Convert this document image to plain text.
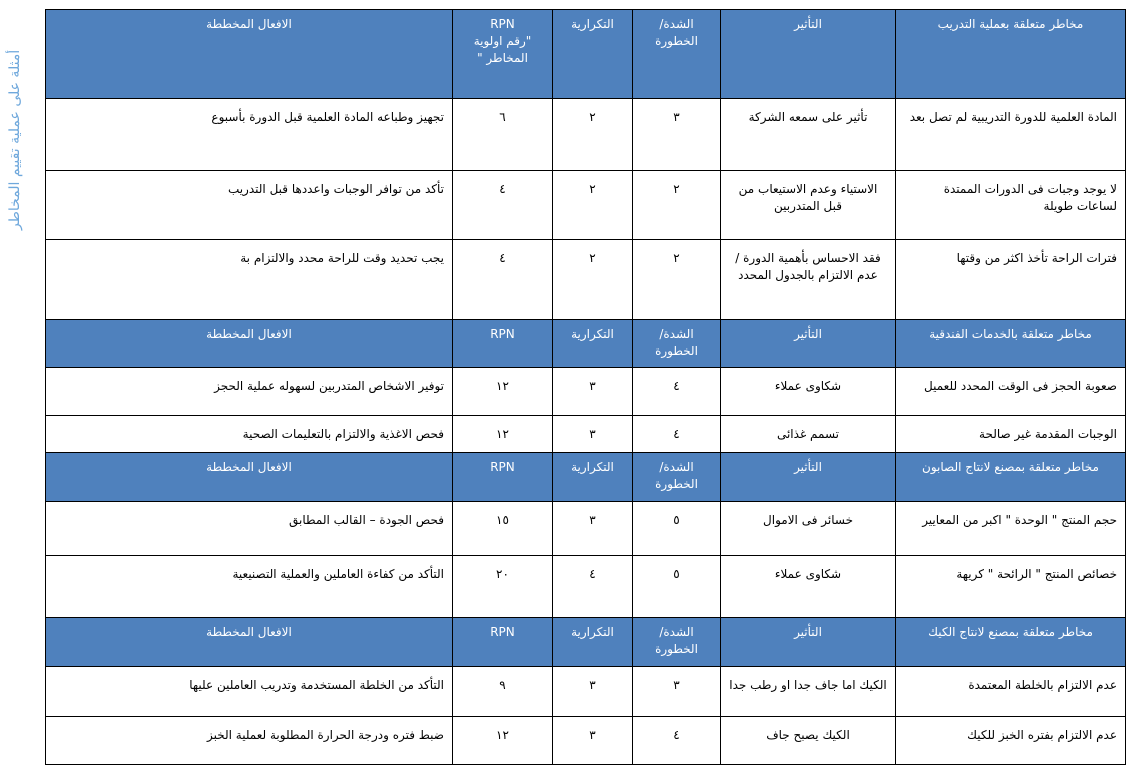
أمثلة على عملية تقييم المخاطر
مخاطر متعلقة بعملية التدريب	التأثير	الشدة/الخطورة	التكرارية	RPN
"رقم اولوية المخاطر "	الافعال المخططة
المادة العلمية للدورة التدريبية لم تصل بعد	تأثير على سمعه الشركة	٣	٢	٦	تجهيز وطباعه المادة العلمية قبل الدورة بأسبوع
لا يوجد وجبات فى الدورات الممتدة لساعات طويلة	الاستياء وعدم الاستيعاب من قبل المتدربين	٢	٢	٤	تأكد من توافر الوجبات واعددها قبل التدريب
فترات الراحة تأخذ اكثر من وقتها	فقد الاحساس بأهمية الدورة / عدم الالتزام بالجدول المحدد	٢	٢	٤	يجب تحديد وقت للراحة محدد والالتزام بة
مخاطر متعلقة بالخدمات الفندقية	التأثير	الشدة/الخطورة	التكرارية	RPN	الافعال المخططة
صعوبة الحجز فى الوقت المحدد للعميل	شكاوى عملاء	٤	٣	١٢	توفير الاشخاص المتدربين لسهوله عملية الحجز
الوجبات المقدمة غير صالحة	تسمم غذائى	٤	٣	١٢	فحص الاغذية والالتزام بالتعليمات الصحية
مخاطر متعلقة بمصنع لانتاج الصابون	التأثير	الشدة/الخطورة	التكرارية	RPN	الافعال المخططة
حجم المنتج " الوحدة " اكبر من المعايير	خسائر فى الاموال	٥	٣	١٥	فحص الجودة – القالب المطابق
خصائص المنتج " الرائحة " كريهة	شكاوى عملاء	٥	٤	٢٠	التأكد من كفاءة العاملين والعملية التصنيعية
مخاطر متعلقة بمصنع لانتاج الكيك	التأثير	الشدة/الخطورة	التكرارية	RPN	الافعال المخططة
عدم الالتزام بالخلطة المعتمدة	الكيك اما جاف جدا او رطب جدا	٣	٣	٩	التأكد من الخلطة المستخدمة وتدريب العاملين عليها
عدم الالتزام بفتره الخبز للكيك	الكيك يصبح جاف	٤	٣	١٢	ضبط فتره ودرجة الحرارة المطلوبة لعملية الخبز
